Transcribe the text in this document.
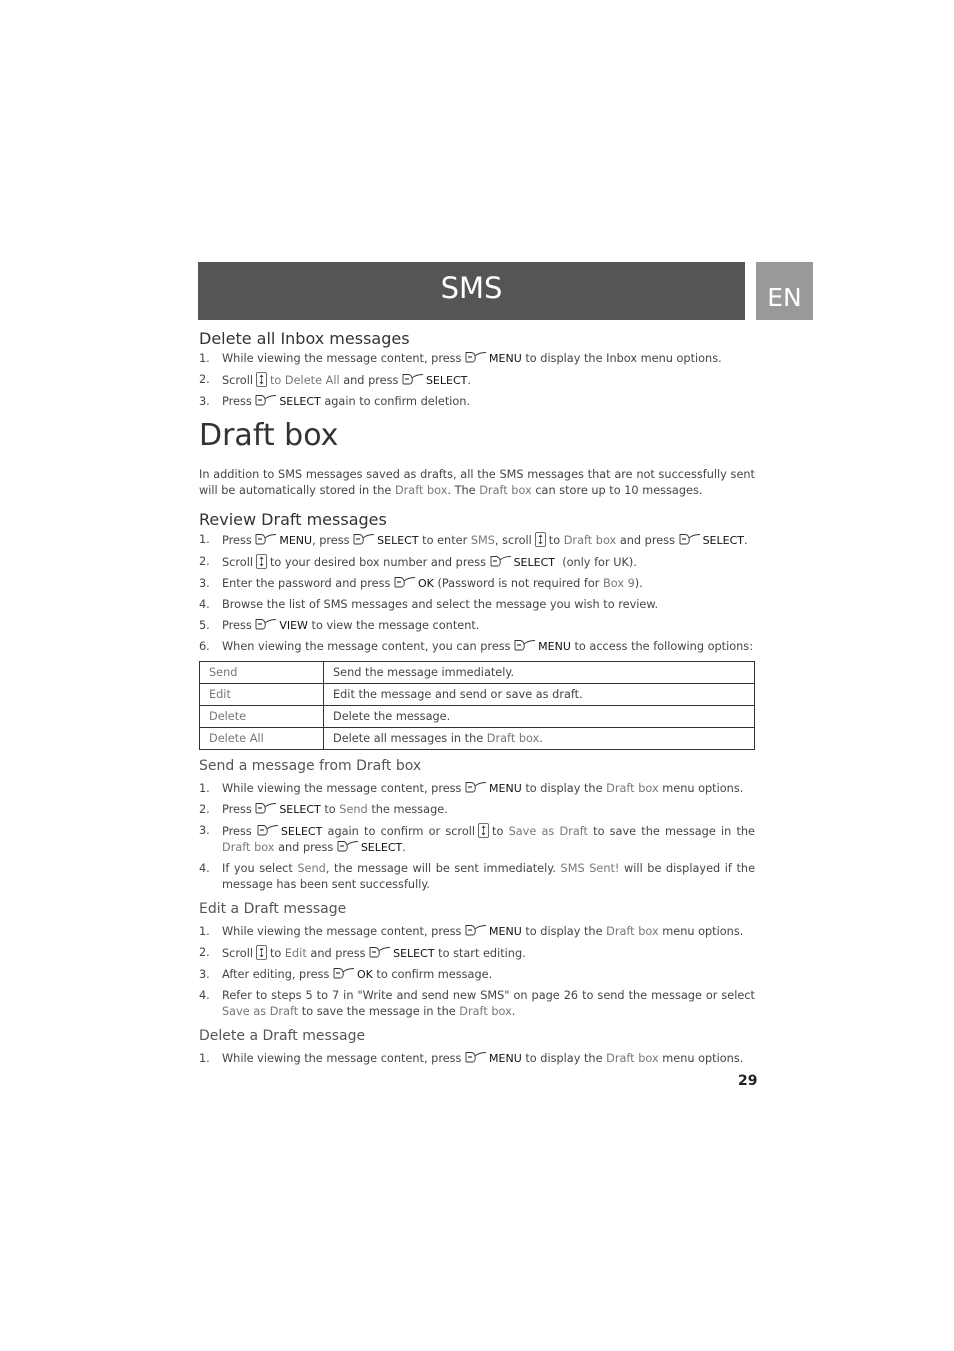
SMS	EN
Delete all Inbox messages
1. While viewing the message content, press	MENU to display the Inbox menu options.
2. Scroll to Delete All and press	SELECT.
3. Press	SELECT again to confirm deletion.
Draft box

In addition to SMS messages saved as drafts, all the SMS messages that are not successfully sent will be automatically stored in the Draft box. The Draft box can store up to 10 messages.

Review Draft messages
1. Press	MENU, press	SELECT to enter SMS, scroll to Draft box and press	SELECT.
2. Scroll to your desired box number and press	SELECT (only for UK).
3. Enter the password and press	OK (Password is not required for Box 9).
4. Browse the list of SMS messages and select the message you wish to review.
5. Press	VIEW to view the message content.
6. When viewing the message content, you can press	MENU to access the following options:
Send	Send the message immediately.
Edit	Edit the message and send or save as draft.
Delete	Delete the message.
Delete All	Delete all messages in the Draft box.
Send a message from Draft box
1. While viewing the message content, press	MENU to display the Draft box menu options.
2. Press	SELECT to Send the message.
3. Press	SELECT again to confirm or scroll to Save as Draft to save the message in the Draft box and press	SELECT.
4. If you select Send, the message will be sent immediately. SMS Sent! will be displayed if the message has been sent successfully.
Edit a Draft message
1. While viewing the message content, press	MENU to display the Draft box menu options.
2. Scroll to Edit and press	SELECT to start editing.
3. After editing, press	OK to confirm message.
4. Refer to steps 5 to 7 in "Write and send new SMS" on page 26 to send the message or select Save as Draft to save the message in the Draft box.
Delete a Draft message
1. While viewing the message content, press	MENU to display the Draft box menu options.
29
